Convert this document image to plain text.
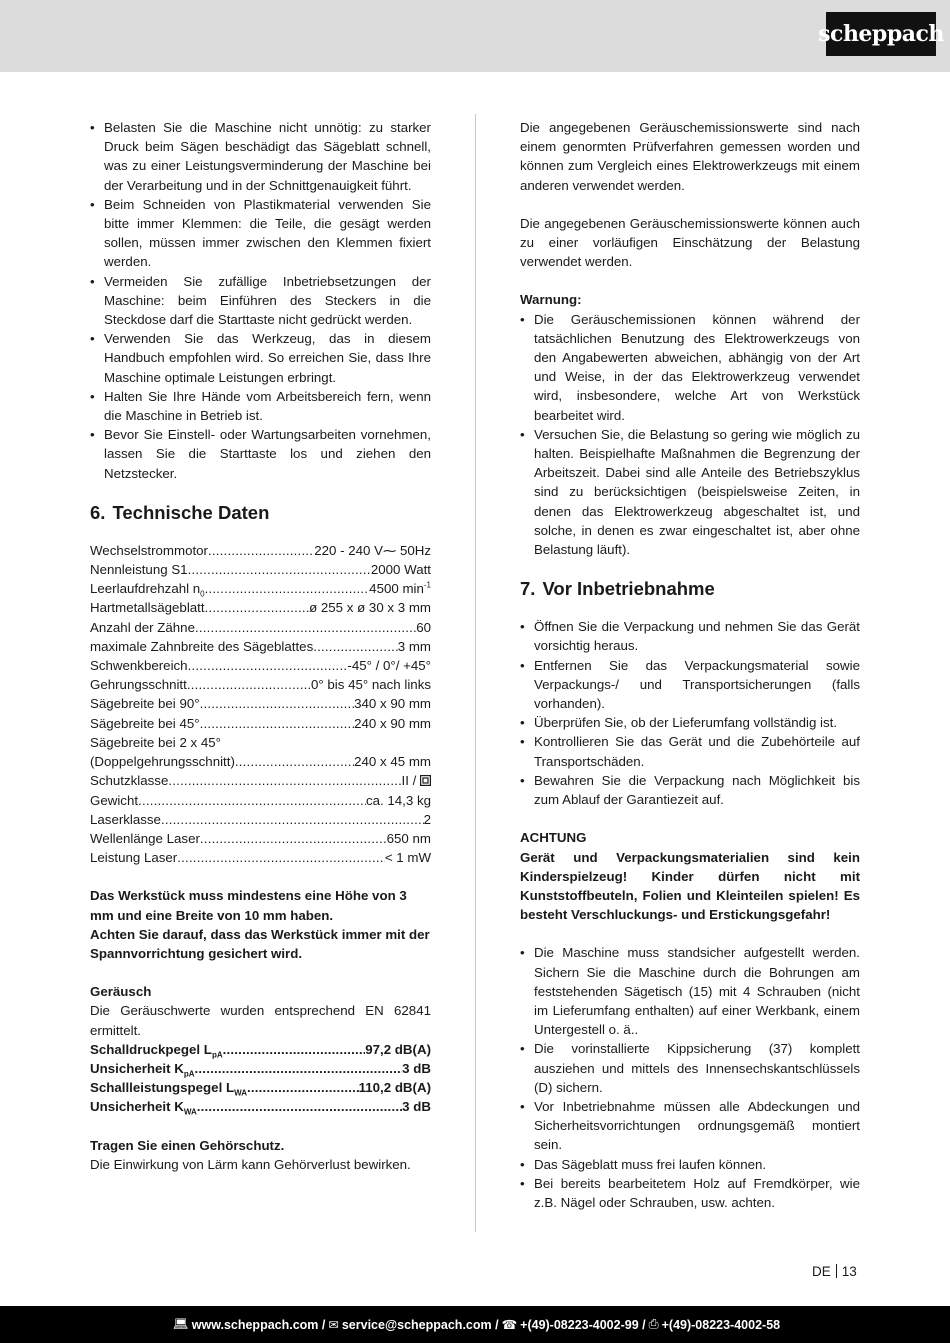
scheppach
• Belasten Sie die Maschine nicht unnötig: zu starker Druck beim Sägen beschädigt das Sägeblatt schnell, was zu einer Leistungsverminderung der Maschine bei der Verarbeitung und in der Schnittgenauigkeit führt.
• Beim Schneiden von Plastikmaterial verwenden Sie bitte immer Klemmen: die Teile, die gesägt werden sollen, müssen immer zwischen den Klemmen fixiert werden.
• Vermeiden Sie zufällige Inbetriebsetzungen der Maschine: beim Einführen des Steckers in die Steckdose darf die Starttaste nicht gedrückt werden.
• Verwenden Sie das Werkzeug, das in diesem Handbuch empfohlen wird. So erreichen Sie, dass Ihre Maschine optimale Leistungen erbringt.
• Halten Sie Ihre Hände vom Arbeitsbereich fern, wenn die Maschine in Betrieb ist.
• Bevor Sie Einstell- oder Wartungsarbeiten vornehmen, lassen Sie die Starttaste los und ziehen den Netzstecker.
6. Technische Daten
Wechselstrommotor .....	220 - 240 V⁓ 50Hz
Nennleistung S1 .....	2000 Watt
Leerlaufdrehzahl $n_0$ .....	4500 $\min^{-1}$
Hartmetallsägeblatt .....	ø 255 x ø 30 x 3 mm
Anzahl der Zähne .....	60
maximale Zahnbreite des Sägeblattes .....	3 mm
Schwenkbereich .....	-45° / 0°/ +45°
Gehrungsschnitt .....	0° bis 45° nach links
Sägebreite bei 90° .....	340 x 90 mm
Sägebreite bei 45° .....	240 x 90 mm
Sägebreite bei 2 x 45°
(Doppelgehrungsschnitt) .....	240 x 45 mm
Schutzklasse .....	II /
Gewicht .....	ca. 14,3 kg
Laserklasse .....	2
Wellenlänge Laser .....	650 nm
Leistung Laser .....	< 1 mW

Das Werkstück muss mindestens eine Höhe von 3 mm und eine Breite von 10 mm haben.

Achten Sie darauf, dass das Werkstück immer mit der Spannvorrichtung gesichert wird.

Geräusch

Die Geräuschwerte wurden entsprechend EN 62841 ermittelt.

Schalldruckpegel $L_{pA}$ .....	97,2 dB(A)
Unsicherheit $K_{pA}$ .....	3 dB
Schallleistungspegel $L_{WA}$ .....	110,2 dB(A)
Unsicherheit $K_{WA}$ .....	3 dB

Tragen Sie einen Gehörschutz.

Die Einwirkung von Lärm kann Gehörverlust bewirken.

Die angegebenen Geräuschemissionswerte sind nach einem genormten Prüfverfahren gemessen worden und können zum Vergleich eines Elektrowerkzeugs mit einem anderen verwendet werden.

Die angegebenen Geräuschemissionswerte können auch zu einer vorläufigen Einschätzung der Belastung verwendet werden.

Warnung:

• Die Geräuschemissionen können während der tatsächlichen Benutzung des Elektrowerkzeugs von den Angabewerten abweichen, abhängig von der Art und Weise, in der das Elektrowerkzeug verwendet wird, insbesondere, welche Art von Werkstück bearbeitet wird.
• Versuchen Sie, die Belastung so gering wie möglich zu halten. Beispielhafte Maßnahmen die Begrenzung der Arbeitszeit. Dabei sind alle Anteile des Betriebszyklus sind zu berücksichtigen (beispielsweise Zeiten, in denen das Elektrowerkzeug abgeschaltet ist, und solche, in denen es zwar eingeschaltet ist, aber ohne Belastung läuft).
7. Vor Inbetriebnahme
• Öffnen Sie die Verpackung und nehmen Sie das Gerät vorsichtig heraus.
• Entfernen Sie das Verpackungsmaterial sowie Verpackungs-/ und Transportsicherungen (falls vorhanden).
• Überprüfen Sie, ob der Lieferumfang vollständig ist.
• Kontrollieren Sie das Gerät und die Zubehörteile auf Transportschäden.
• Bewahren Sie die Verpackung nach Möglichkeit bis zum Ablauf der Garantiezeit auf.

ACHTUNG

Gerät und Verpackungsmaterialien sind kein Kinderspielzeug! Kinder dürfen nicht mit Kunststoffbeuteln, Folien und Kleinteilen spielen! Es besteht Verschluckungs- und Erstickungsgefahr!

• Die Maschine muss standsicher aufgestellt werden. Sichern Sie die Maschine durch die Bohrungen am feststehenden Sägetisch (15) mit 4 Schrauben (nicht im Lieferumfang enthalten) auf einer Werkbank, einem Untergestell o. ä..
• Die vorinstallierte Kippsicherung (37) komplett ausziehen und mittels des Innensechskantschlüssels (D) sichern.
• Vor Inbetriebnahme müssen alle Abdeckungen und Sicherheitsvorrichtungen ordnungsgemäß montiert sein.
• Das Sägeblatt muss frei laufen können.
• Bei bereits bearbeitetem Holz auf Fremdkörper, wie z.B. Nägel oder Schrauben, usw. achten.
DE 13
💻︎ www.scheppach.com / ✉︎ service@scheppach.com / ☎︎ +(49)-08223-4002-99 / ⎙ +(49)-08223-4002-58
